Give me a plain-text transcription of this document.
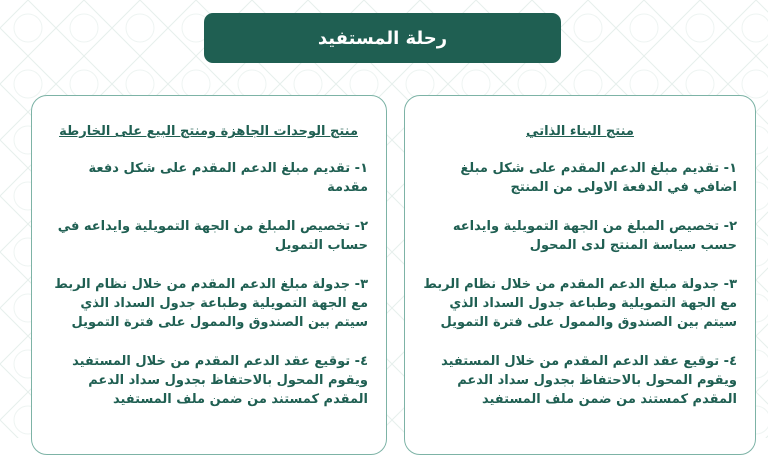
رحلة المستفيد
منتج البناء الذاتي
١- تقديم مبلغ الدعم المقدم على شكل مبلغ اضافي في الدفعة الاولى من المنتج
٢- تخصيص المبلغ من الجهة التمويلية وايداعه حسب سياسة المنتج لدى المحول
٣- جدولة مبلغ الدعم المقدم من خلال نظام الربط مع الجهة التمويلية وطباعة جدول السداد الذي سيتم بين الصندوق والممول على فترة التمويل
٤- توقيع عقد الدعم المقدم من خلال المستفيد ويقوم المحول بالاحتفاظ بجدول سداد الدعم المقدم كمستند من ضمن ملف المستفيد
منتج الوحدات الجاهزة ومنتج البيع على الخارطة
١- تقديم مبلغ الدعم المقدم على شكل دفعة مقدمة
٢- تخصيص المبلغ من الجهة التمويلية وايداعه في حساب التمويل
٣- جدولة مبلغ الدعم المقدم من خلال نظام الربط مع الجهة التمويلية وطباعة جدول السداد الذي سيتم بين الصندوق والممول على فترة التمويل
٤- توقيع عقد الدعم المقدم من خلال المستفيد ويقوم المحول بالاحتفاظ بجدول سداد الدعم المقدم كمستند من ضمن ملف المستفيد
